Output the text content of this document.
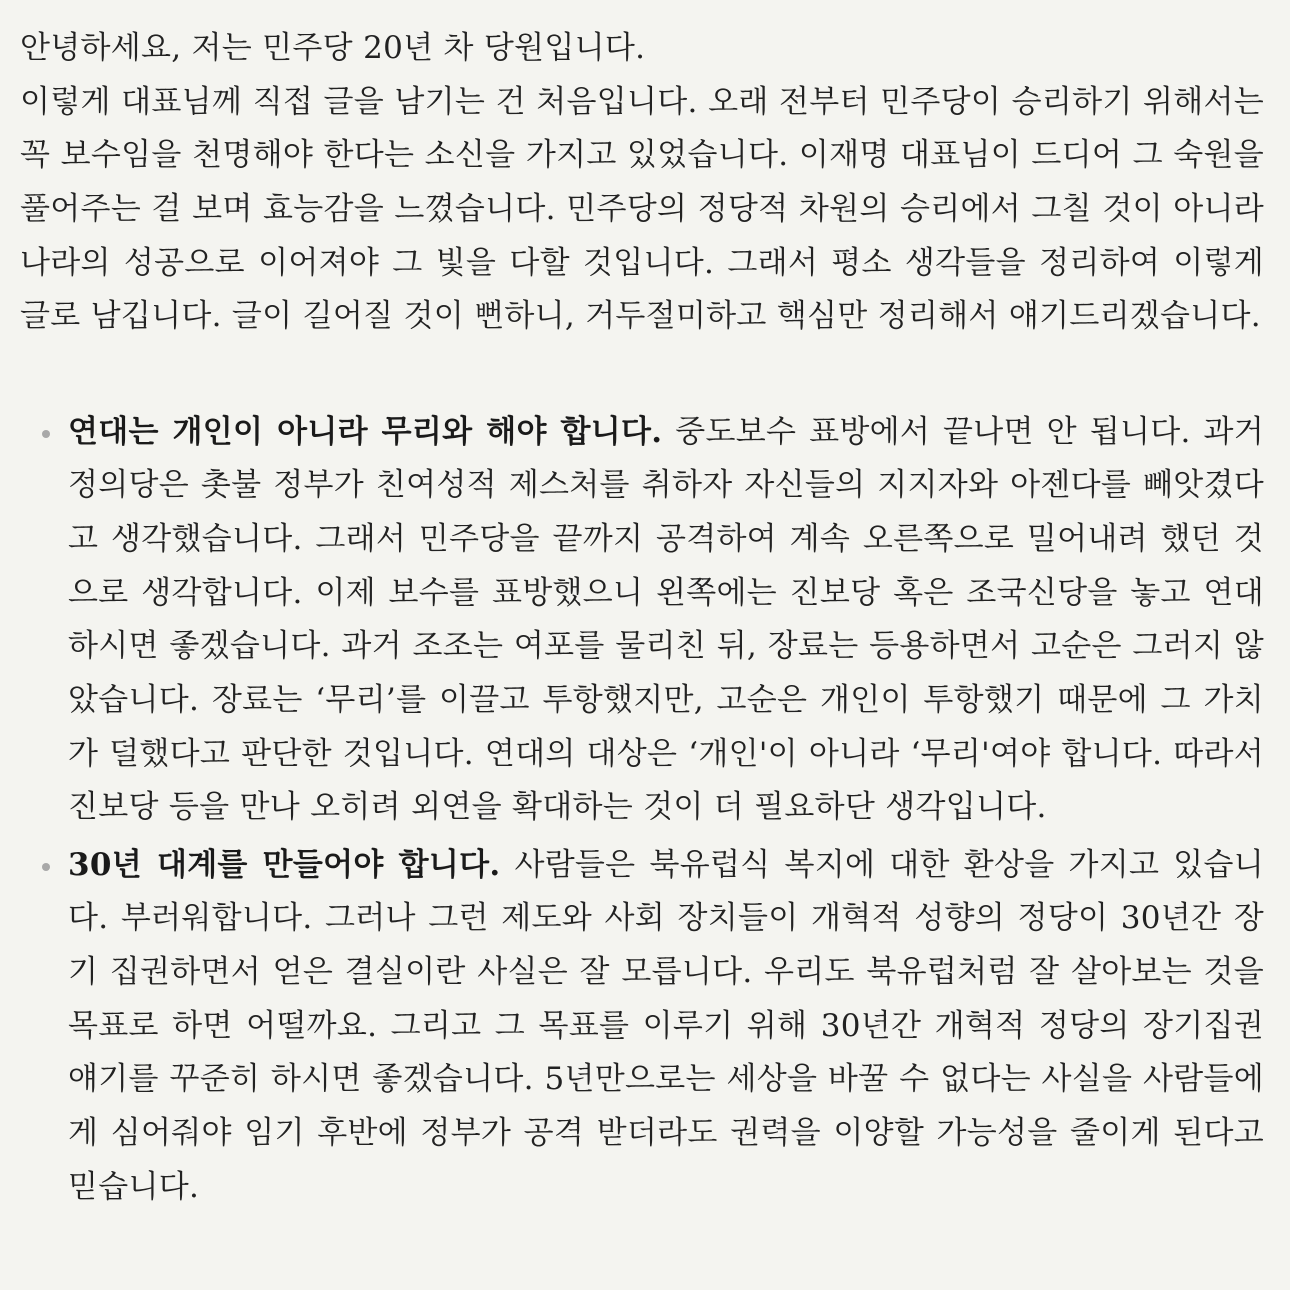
안녕하세요, 저는 민주당 20년 차 당원입니다.

이렇게 대표님께 직접 글을 남기는 건 처음입니다. 오래 전부터 민주당이 승리하기 위해서는 꼭 보수임을 천명해야 한다는 소신을 가지고 있었습니다. 이재명 대표님이 드디어 그 숙원을 풀어주는 걸 보며 효능감을 느꼈습니다. 민주당의 정당적 차원의 승리에서 그칠 것이 아니라 나라의 성공으로 이어져야 그 빛을 다할 것입니다. 그래서 평소 생각들을 정리하여 이렇게 글로 남깁니다. 글이 길어질 것이 뻔하니, 거두절미하고 핵심만 정리해서 얘기드리겠습니다.

연대는 개인이 아니라 무리와 해야 합니다. 중도보수 표방에서 끝나면 안 됩니다. 과거 정의당은 촛불 정부가 친여성적 제스처를 취하자 자신들의 지지자와 아젠다를 빼앗겼다고 생각했습니다. 그래서 민주당을 끝까지 공격하여 계속 오른쪽으로 밀어내려 했던 것으로 생각합니다. 이제 보수를 표방했으니 왼쪽에는 진보당 혹은 조국신당을 놓고 연대하시면 좋겠습니다. 과거 조조는 여포를 물리친 뒤, 장료는 등용하면서 고순은 그러지 않았습니다. 장료는 ‘무리’를 이끌고 투항했지만, 고순은 개인이 투항했기 때문에 그 가치가 덜했다고 판단한 것입니다. 연대의 대상은 ‘개인'이 아니라 ‘무리'여야 합니다. 따라서 진보당 등을 만나 오히려 외연을 확대하는 것이 더 필요하단 생각입니다.
30년 대계를 만들어야 합니다. 사람들은 북유럽식 복지에 대한 환상을 가지고 있습니다. 부러워합니다. 그러나 그런 제도와 사회 장치들이 개혁적 성향의 정당이 30년간 장기 집권하면서 얻은 결실이란 사실은 잘 모릅니다. 우리도 북유럽처럼 잘 살아보는 것을 목표로 하면 어떨까요. 그리고 그 목표를 이루기 위해 30년간 개혁적 정당의 장기집권 얘기를 꾸준히 하시면 좋겠습니다. 5년만으로는 세상을 바꿀 수 없다는 사실을 사람들에게 심어줘야 임기 후반에 정부가 공격 받더라도 권력을 이양할 가능성을 줄이게 된다고 믿습니다.
